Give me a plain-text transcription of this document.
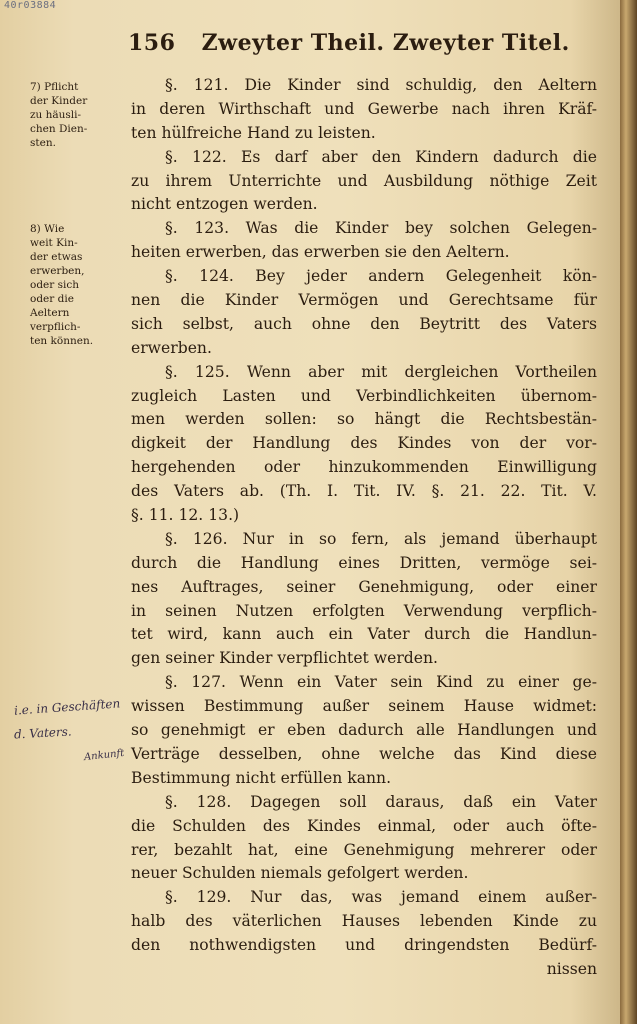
40r03884
156 Zweyter Theil. Zweyter Titel.
7) Pflicht
der Kinder
zu häusli-
chen Dien-
sten.
8) Wie
weit Kin-
der etwas
erwerben,
oder sich
oder die
Aeltern
verpflich-
ten können.
i.e. in Geschäften
d. Vaters.
Ankunft
§. 121. Die Kinder sind schuldig, den Aeltern
in deren Wirthschaft und Gewerbe nach ihren Kräf-
ten hülfreiche Hand zu leisten.
§. 122. Es darf aber den Kindern dadurch die
zu ihrem Unterrichte und Ausbildung nöthige Zeit
nicht entzogen werden.
§. 123. Was die Kinder bey solchen Gelegen-
heiten erwerben, das erwerben sie den Aeltern.
§. 124. Bey jeder andern Gelegenheit kön-
nen die Kinder Vermögen und Gerechtsame für
sich selbst, auch ohne den Beytritt des Vaters
erwerben.
§. 125. Wenn aber mit dergleichen Vortheilen
zugleich Lasten und Verbindlichkeiten übernom-
men werden sollen: so hängt die Rechtsbestän-
digkeit der Handlung des Kindes von der vor-
hergehenden oder hinzukommenden Einwilligung
des Vaters ab. (Th. I. Tit. IV. §. 21. 22. Tit. V.
§. 11. 12. 13.)
§. 126. Nur in so fern, als jemand überhaupt
durch die Handlung eines Dritten, vermöge sei-
nes Auftrages, seiner Genehmigung, oder einer
in seinen Nutzen erfolgten Verwendung verpflich-
tet wird, kann auch ein Vater durch die Handlun-
gen seiner Kinder verpflichtet werden.
§. 127. Wenn ein Vater sein Kind zu einer ge-
wissen Bestimmung außer seinem Hause widmet:
so genehmigt er eben dadurch alle Handlungen und
Verträge desselben, ohne welche das Kind diese
Bestimmung nicht erfüllen kann.
§. 128. Dagegen soll daraus, daß ein Vater
die Schulden des Kindes einmal, oder auch öfte-
rer, bezahlt hat, eine Genehmigung mehrerer oder
neuer Schulden niemals gefolgert werden.
§. 129. Nur das, was jemand einem außer-
halb des väterlichen Hauses lebenden Kinde zu
den nothwendigsten und dringendsten Bedürf-
nissen
